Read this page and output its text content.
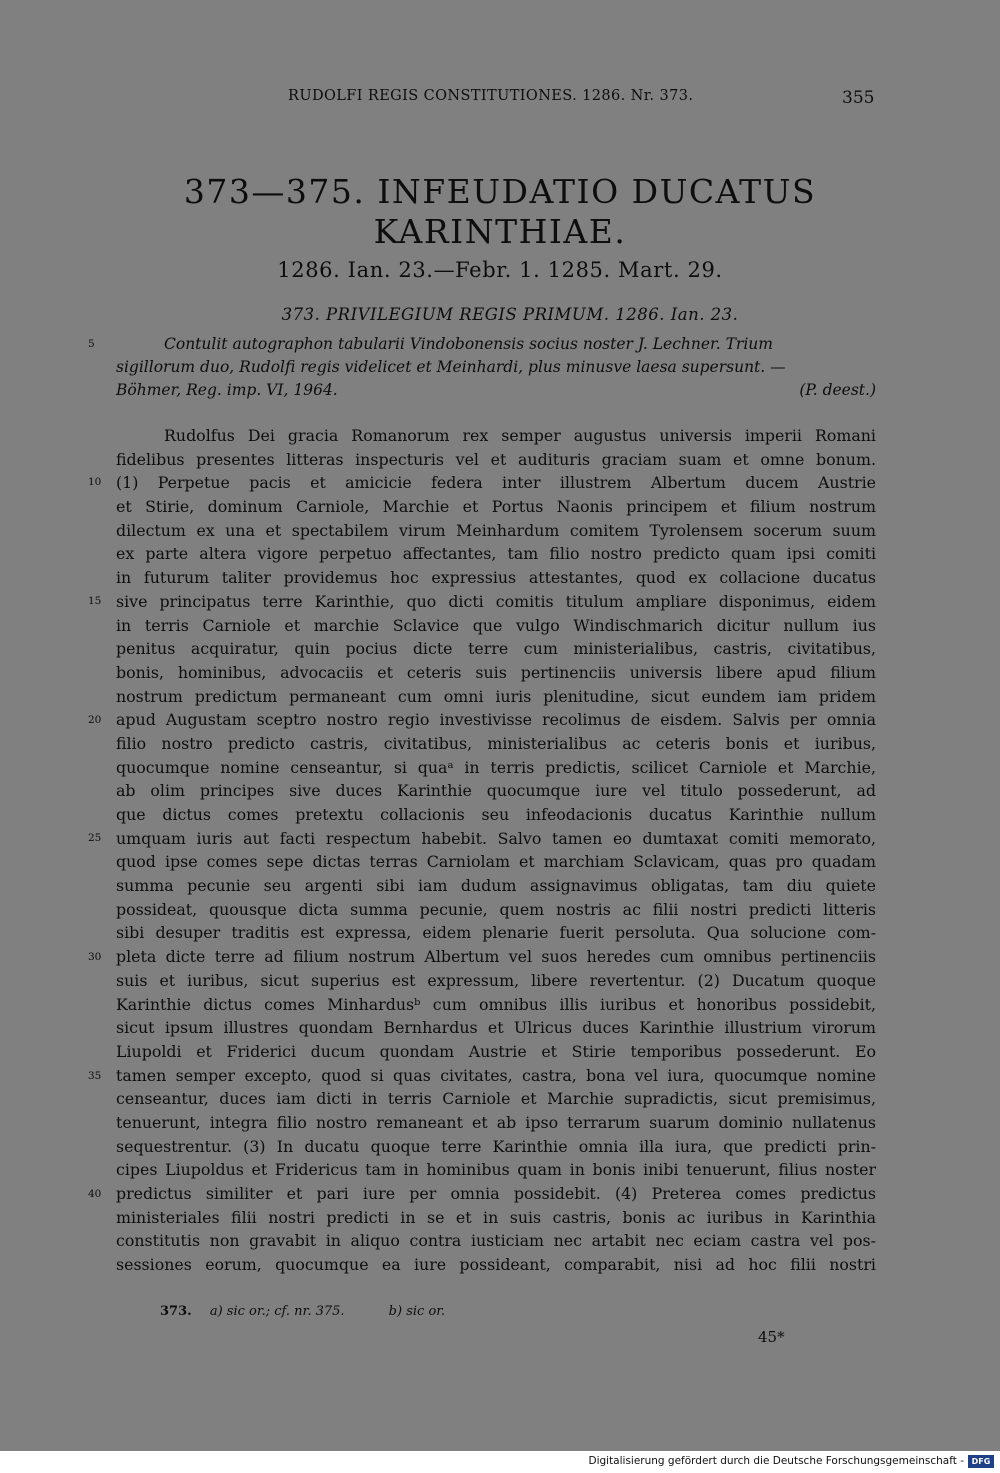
RUDOLFI REGIS CONSTITUTIONES. 1286. Nr. 373.	355
373—375. INFEUDATIO DUCATUS
KARINTHIAE.
1286. Ian. 23.—Febr. 1. 1285. Mart. 29.
373. PRIVILEGIUM REGIS PRIMUM. 1286. Ian. 23.
5	Contulit autographon tabularii Vindobonensis socius noster J. Lechner. Trium
sigillorum duo, Rudolfi regis videlicet et Meinhardi, plus minusve laesa supersunt. —
Böhmer, Reg. imp. VI, 1964.	(P. deest.)
10
15
20
25
30
35
40
Rudolfus Dei gracia Romanorum rex semper augustus universis imperii Romani
fidelibus presentes litteras inspecturis vel et audituris graciam suam et omne bonum.
(1) Perpetue pacis et amicicie federa inter illustrem Albertum ducem Austrie
et Stirie, dominum Carniole, Marchie et Portus Naonis principem et filium nostrum
dilectum ex una et spectabilem virum Meinhardum comitem Tyrolensem socerum suum
ex parte altera vigore perpetuo affectantes, tam filio nostro predicto quam ipsi comiti
in futurum taliter providemus hoc expressius attestantes, quod ex collacione ducatus
sive principatus terre Karinthie, quo dicti comitis titulum ampliare disponimus, eidem
in terris Carniole et marchie Sclavice que vulgo Windischmarich dicitur nullum ius
penitus acquiratur, quin pocius dicte terre cum ministerialibus, castris, civitatibus,
bonis, hominibus, advocaciis et ceteris suis pertinenciis universis libere apud filium
nostrum predictum permaneant cum omni iuris plenitudine, sicut eundem iam pridem
apud Augustam sceptro nostro regio investivisse recolimus de eisdem. Salvis per omnia
filio nostro predicto castris, civitatibus, ministerialibus ac ceteris bonis et iuribus,
quocumque nomine censeantur, si quaᵃ in terris predictis, scilicet Carniole et Marchie,
ab olim principes sive duces Karinthie quocumque iure vel titulo possederunt, ad
que dictus comes pretextu collacionis seu infeodacionis ducatus Karinthie nullum
umquam iuris aut facti respectum habebit. Salvo tamen eo dumtaxat comiti memorato,
quod ipse comes sepe dictas terras Carniolam et marchiam Sclavicam, quas pro quadam
summa pecunie seu argenti sibi iam dudum assignavimus obligatas, tam diu quiete
possideat, quousque dicta summa pecunie, quem nostris ac filii nostri predicti litteris
sibi desuper traditis est expressa, eidem plenarie fuerit persoluta. Qua solucione com-
pleta dicte terre ad filium nostrum Albertum vel suos heredes cum omnibus pertinenciis
suis et iuribus, sicut superius est expressum, libere revertentur. (2) Ducatum quoque
Karinthie dictus comes Minhardusᵇ cum omnibus illis iuribus et honoribus possidebit,
sicut ipsum illustres quondam Bernhardus et Ulricus duces Karinthie illustrium virorum
Liupoldi et Friderici ducum quondam Austrie et Stirie temporibus possederunt. Eo
tamen semper excepto, quod si quas civitates, castra, bona vel iura, quocumque nomine
censeantur, duces iam dicti in terris Carniole et Marchie supradictis, sicut premisimus,
tenuerunt, integra filio nostro remaneant et ab ipso terrarum suarum dominio nullatenus
sequestrentur. (3) In ducatu quoque terre Karinthie omnia illa iura, que predicti prin-
cipes Liupoldus et Fridericus tam in hominibus quam in bonis inibi tenuerunt, filius noster
predictus similiter et pari iure per omnia possidebit. (4) Preterea comes predictus
ministeriales filii nostri predicti in se et in suis castris, bonis ac iuribus in Karinthia
constitutis non gravabit in aliquo contra iusticiam nec artabit nec eciam castra vel pos-
sessiones eorum, quocumque ea iure possideant, comparabit, nisi ad hoc filii nostri
373. a) sic or.; cf. nr. 375.	b) sic or.
45*
Digitalisierung gefördert durch die Deutsche Forschungsgemeinschaft - DFG
